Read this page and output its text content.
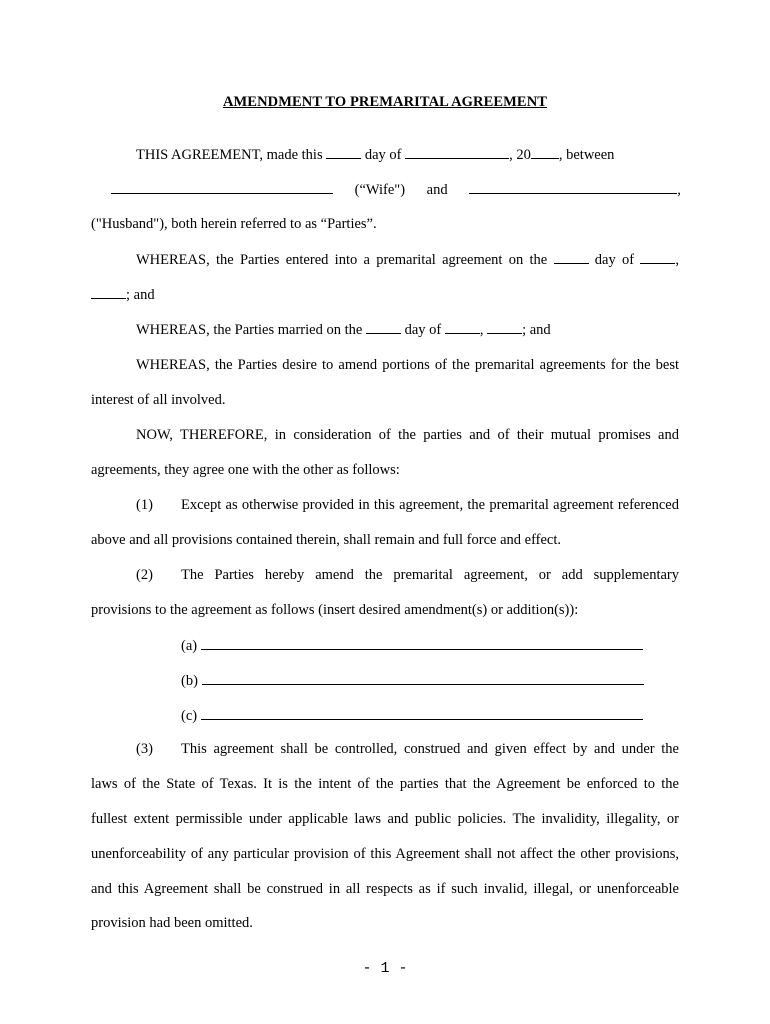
AMENDMENT TO PREMARITAL AGREEMENT
THIS AGREEMENT, made this	day of	, 20 , between
(“Wife") and	,
("Husband"), both herein referred to as “Parties”.
WHEREAS, the Parties entered into a premarital agreement on the	day of	,
; and
WHEREAS, the Parties married on the	day of	,	; and
WHEREAS, the Parties desire to amend portions of the premarital agreements for the best
interest of all involved.
NOW, THEREFORE, in consideration of the parties and of their mutual promises and
agreements, they agree one with the other as follows:
(1)	Except as otherwise provided in this agreement, the premarital agreement referenced
above and all provisions contained therein, shall remain and full force and effect.
(2)	The Parties hereby amend the premarital agreement, or add supplementary
provisions to the agreement as follows (insert desired amendment(s) or addition(s)):
(a)
(b)
(c)
(3)	This agreement shall be controlled, construed and given effect by and under the
laws of the State of Texas. It is the intent of the parties that the Agreement be enforced to the
fullest extent permissible under applicable laws and public policies. The invalidity, illegality, or
unenforceability of any particular provision of this Agreement shall not affect the other provisions,
and this Agreement shall be construed in all respects as if such invalid, illegal, or unenforceable
provision had been omitted.
- 1 -
